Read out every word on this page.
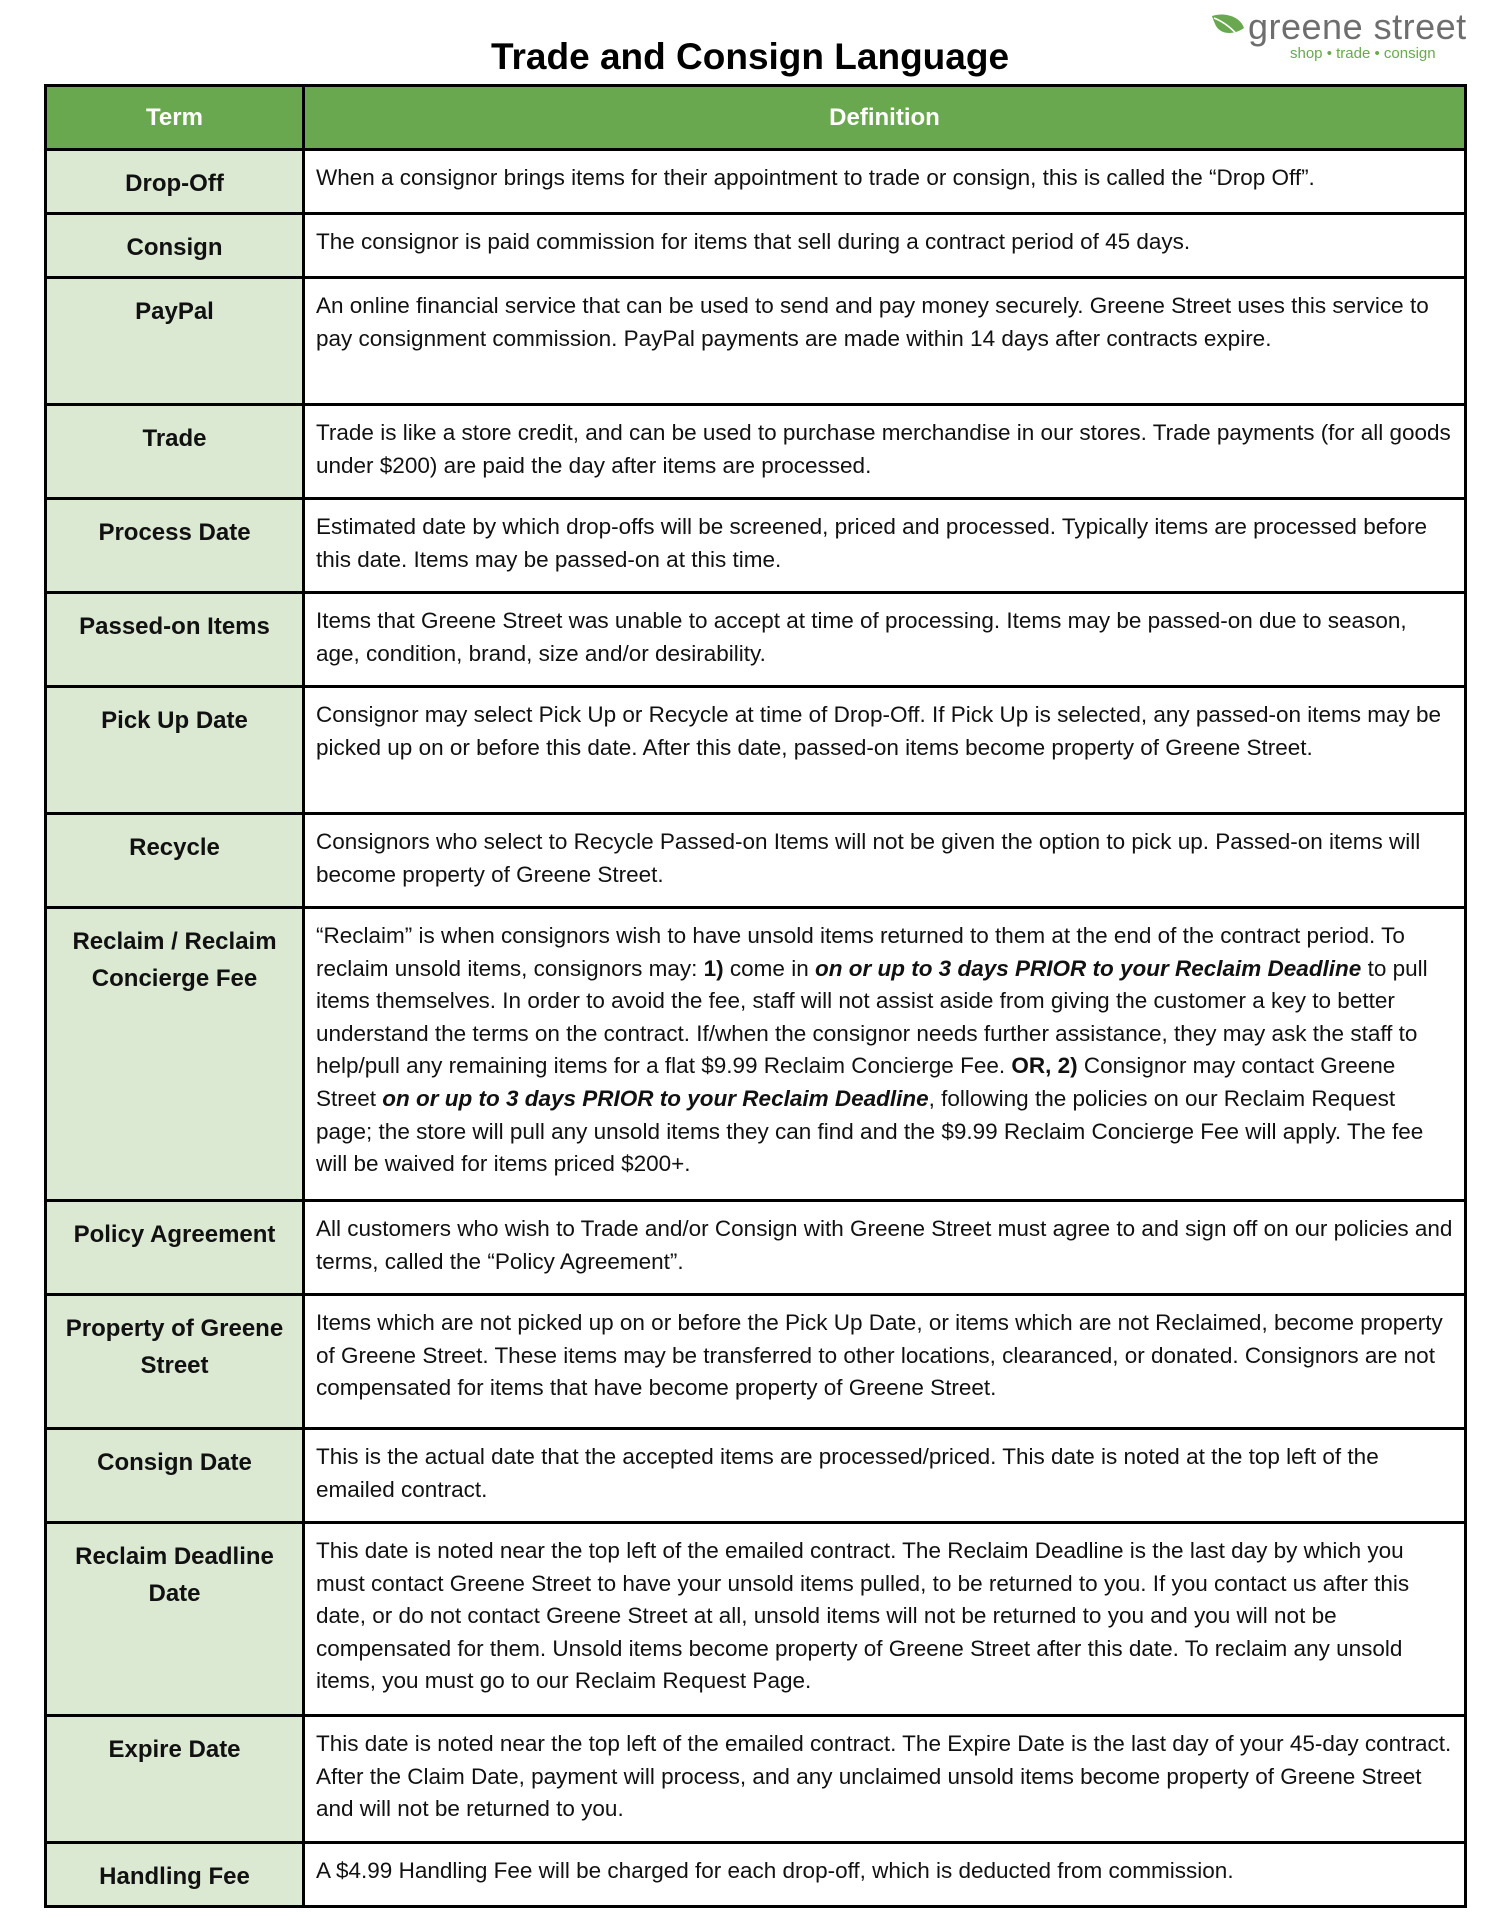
Trade and Consign Language
greene street
shop • trade • consign
Term	Definition
Drop-Off	When a consignor brings items for their appointment to trade or consign, this is called the “Drop Off”.
Consign	The consignor is paid commission for items that sell during a contract period of 45 days.
PayPal	An online financial service that can be used to send and pay money securely. Greene Street uses this service to pay consignment commission. PayPal payments are made within 14 days after contracts expire.
Trade	Trade is like a store credit, and can be used to purchase merchandise in our stores. Trade payments (for all goods under $200) are paid the day after items are processed.
Process Date	Estimated date by which drop-offs will be screened, priced and processed. Typically items are processed before this date. Items may be passed-on at this time.
Passed-on Items	Items that Greene Street was unable to accept at time of processing. Items may be passed-on due to season, age, condition, brand, size and/or desirability.
Pick Up Date	Consignor may select Pick Up or Recycle at time of Drop-Off. If Pick Up is selected, any passed-on items may be picked up on or before this date. After this date, passed-on items become property of Greene Street.
Recycle	Consignors who select to Recycle Passed-on Items will not be given the option to pick up. Passed-on items will become property of Greene Street.
Reclaim / Reclaim Concierge Fee	“Reclaim” is when consignors wish to have unsold items returned to them at the end of the contract period. To reclaim unsold items, consignors may: 1) come in on or up to 3 days PRIOR to your Reclaim Deadline to pull items themselves. In order to avoid the fee, staff will not assist aside from giving the customer a key to better understand the terms on the contract. If/when the consignor needs further assistance, they may ask the staff to help/pull any remaining items for a flat $9.99 Reclaim Concierge Fee. OR, 2) Consignor may contact Greene Street on or up to 3 days PRIOR to your Reclaim Deadline, following the policies on our Reclaim Request page; the store will pull any unsold items they can find and the $9.99 Reclaim Concierge Fee will apply. The fee will be waived for items priced $200+.
Policy Agreement	All customers who wish to Trade and/or Consign with Greene Street must agree to and sign off on our policies and terms, called the “Policy Agreement”.
Property of Greene Street	Items which are not picked up on or before the Pick Up Date, or items which are not Reclaimed, become property of Greene Street. These items may be transferred to other locations, clearanced, or donated. Consignors are not compensated for items that have become property of Greene Street.
Consign Date	This is the actual date that the accepted items are processed/priced. This date is noted at the top left of the emailed contract.
Reclaim Deadline Date	This date is noted near the top left of the emailed contract. The Reclaim Deadline is the last day by which you must contact Greene Street to have your unsold items pulled, to be returned to you. If you contact us after this date, or do not contact Greene Street at all, unsold items will not be returned to you and you will not be compensated for them. Unsold items become property of Greene Street after this date. To reclaim any unsold items, you must go to our Reclaim Request Page.
Expire Date	This date is noted near the top left of the emailed contract. The Expire Date is the last day of your 45-day contract. After the Claim Date, payment will process, and any unclaimed unsold items become property of Greene Street and will not be returned to you.
Handling Fee	A $4.99 Handling Fee will be charged for each drop-off, which is deducted from commission.
